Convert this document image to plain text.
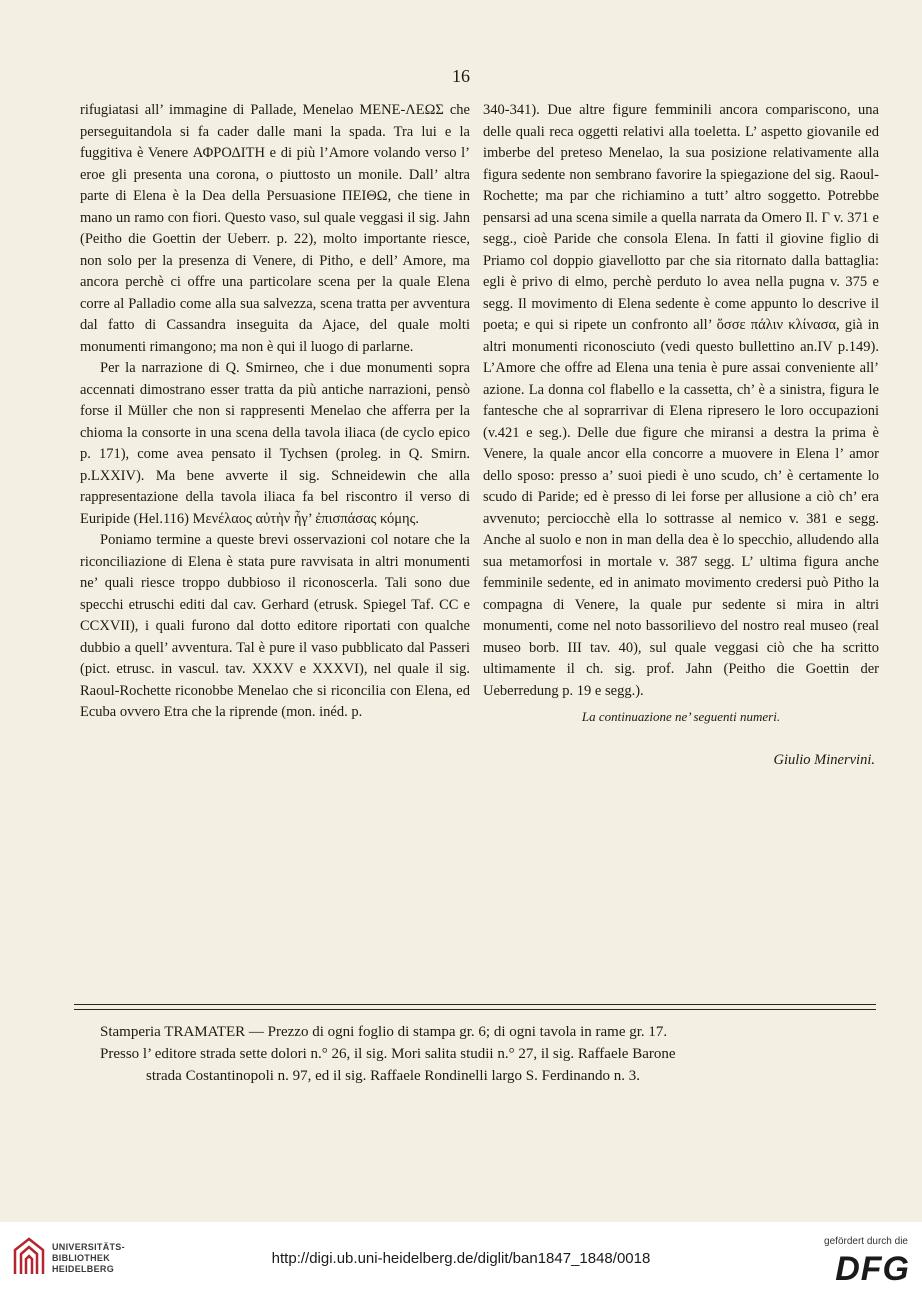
16

rifugiatasi all’ immagine di Pallade, Menelao ΜΕΝΕ-ΛΕΩΣ che perseguitandola si fa cader dalle mani la spada. Tra lui e la fuggitiva è Venere ΑΦΡΟΔΙΤΗ e di più l’Amore volando verso l’ eroe gli presenta una corona, o piuttosto un monile. Dall’ altra parte di Elena è la Dea della Persuasione ΠΕΙΘΩ, che tiene in mano un ramo con fiori. Questo vaso, sul quale veggasi il sig. Jahn (Peitho die Goettin der Ueberr. p. 22), molto importante riesce, non solo per la presenza di Venere, di Pitho, e dell’ Amore, ma ancora perchè ci offre una particolare scena per la quale Elena corre al Palladio come alla sua salvezza, scena tratta per avventura dal fatto di Cassandra inseguita da Ajace, del quale molti monumenti rimangono; ma non è qui il luogo di parlarne.

Per la narrazione di Q. Smirneo, che i due monumenti sopra accennati dimostrano esser tratta da più antiche narrazioni, pensò forse il Müller che non si rappresenti Menelao che afferra per la chioma la consorte in una scena della tavola iliaca (de cyclo epico p. 171), come avea pensato il Tychsen (proleg. in Q. Smirn. p.LXXIV). Ma bene avverte il sig. Schneidewin che alla rappresentazione della tavola iliaca fa bel riscontro il verso di Euripide (Hel.116) Μενέλαος αὐτὴν ἦγ’ ἐπισπάσας κόμης.

Poniamo termine a queste brevi osservazioni col notare che la riconciliazione di Elena è stata pure ravvisata in altri monumenti ne’ quali riesce troppo dubbioso il riconoscerla. Tali sono due specchi etruschi editi dal cav. Gerhard (etrusk. Spiegel Taf. CC e CCXVII), i quali furono dal dotto editore riportati con qualche dubbio a quell’ avventura. Tal è pure il vaso pubblicato dal Passeri (pict. etrusc. in vascul. tav. XXXV e XXXVI), nel quale il sig. Raoul-Rochette riconobbe Menelao che si riconcilia con Elena, ed Ecuba ovvero Etra che la riprende (mon. inéd. p.

340-341). Due altre figure femminili ancora compariscono, una delle quali reca oggetti relativi alla toeletta. L’ aspetto giovanile ed imberbe del preteso Menelao, la sua posizione relativamente alla figura sedente non sembrano favorire la spiegazione del sig. Raoul-Rochette; ma par che richiamino a tutt’ altro soggetto. Potrebbe pensarsi ad una scena simile a quella narrata da Omero Il. Γ v. 371 e segg., cioè Paride che consola Elena. In fatti il giovine figlio di Priamo col doppio giavellotto par che sia ritornato dalla battaglia: egli è privo di elmo, perchè perduto lo avea nella pugna v. 375 e segg. Il movimento di Elena sedente è come appunto lo descrive il poeta; e qui si ripete un confronto all’ ὅσσε πάλιν κλίνασα, già in altri monumenti riconosciuto (vedi questo bullettino an.IV p.149). L’Amore che offre ad Elena una tenia è pure assai conveniente all’ azione. La donna col flabello e la cassetta, ch’ è a sinistra, figura le fantesche che al soprarrivar di Elena ripresero le loro occupazioni (v.421 e seg.). Delle due figure che miransi a destra la prima è Venere, la quale ancor ella concorre a muovere in Elena l’ amor dello sposo: presso a’ suoi piedi è uno scudo, ch’ è certamente lo scudo di Paride; ed è presso di lei forse per allusione a ciò ch’ era avvenuto; perciocchè ella lo sottrasse al nemico v. 381 e segg. Anche al suolo e non in man della dea è lo specchio, alludendo alla sua metamorfosi in mortale v. 387 segg. L’ ultima figura anche femminile sedente, ed in animato movimento credersi può Pitho la compagna di Venere, la quale pur sedente si mira in altri monumenti, come nel noto bassorilievo del nostro real museo (real museo borb. III tav. 40), sul quale veggasi ciò che ha scritto ultimamente il ch. sig. prof. Jahn (Peitho die Goettin der Ueberredung p. 19 e segg.).

La continuazione ne’ seguenti numeri.

Giulio Minervini.

Stamperia TRAMATER — Prezzo di ogni foglio di stampa gr. 6; di ogni tavola in rame gr. 17.
Presso l’ editore strada sette dolori n.° 26, il sig. Mori salita studii n.° 27, il sig. Raffaele Barone
strada Costantinopoli n. 97, ed il sig. Raffaele Rondinelli largo S. Ferdinando n. 3.
UNIVERSITÄTS-
BIBLIOTHEK
HEIDELBERG
http://digi.ub.uni-heidelberg.de/diglit/ban1847_1848/0018
gefördert durch die
DFG
